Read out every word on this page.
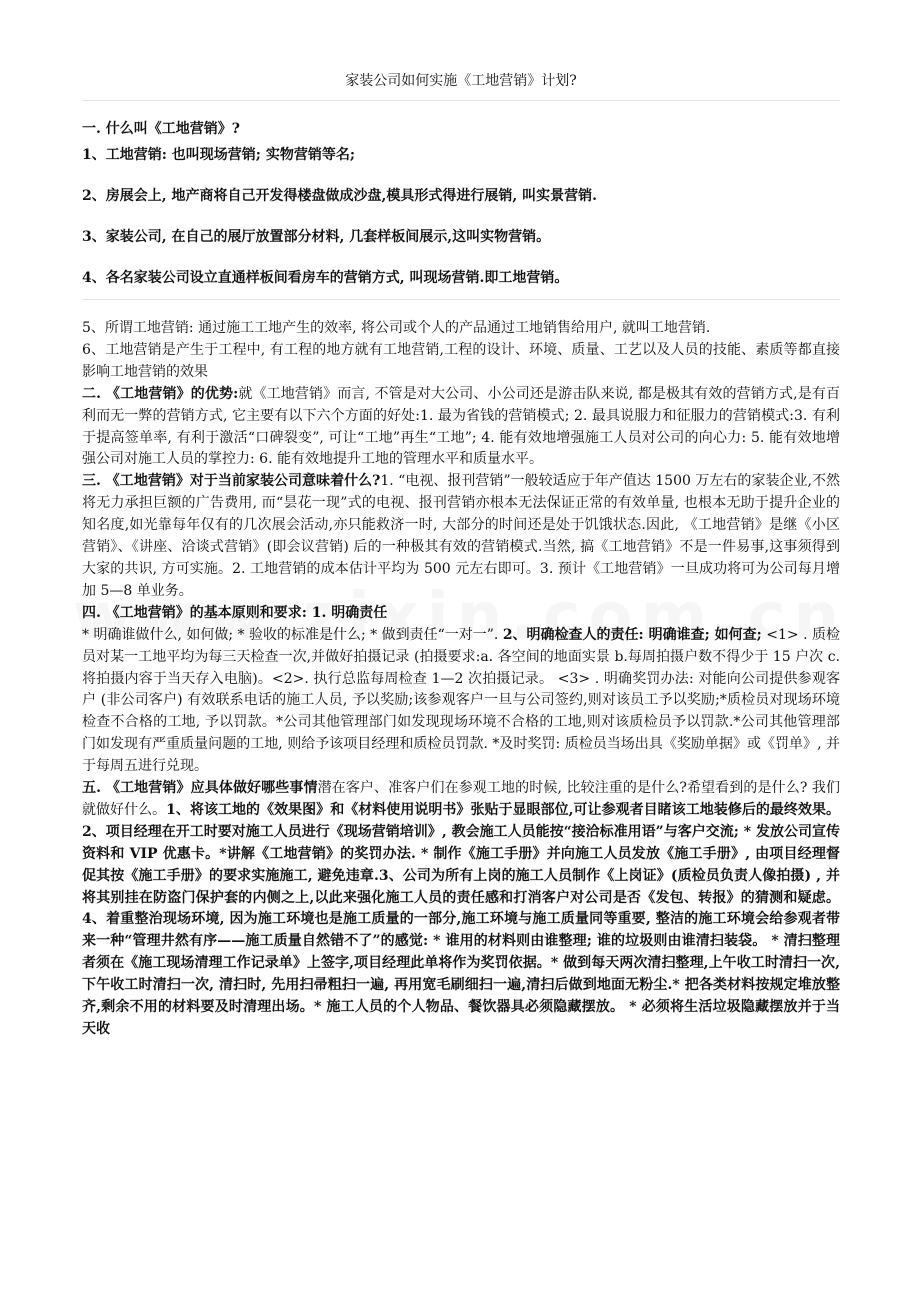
家装公司如何实施《工地营销》计划?

一. 什么叫《工地营销》?

1、工地营销: 也叫现场营销; 实物营销等名;

2、房展会上, 地产商将自己开发得楼盘做成沙盘,模具形式得进行展销, 叫实景营销.

3、家装公司, 在自己的展厅放置部分材料, 几套样板间展示,这叫实物营销。

4、各名家装公司设立直通样板间看房车的营销方式, 叫现场营销.即工地营销。

5、所谓工地营销: 通过施工工地产生的效率, 将公司或个人的产品通过工地销售给用户, 就叫工地营销.

6、工地营销是产生于工程中, 有工程的地方就有工地营销,工程的设计、环境、质量、工艺以及人员的技能、素质等都直接影响工地营销的效果

二. 《工地营销》的优势:就《工地营销》而言, 不管是对大公司、小公司还是游击队来说, 都是极其有效的营销方式,是有百利而无一弊的营销方式, 它主要有以下六个方面的好处:1. 最为省钱的营销模式; 2. 最具说服力和征服力的营销模式:3. 有利于提高签单率, 有利于激活“口碑裂变”, 可让“工地”再生“工地”; 4. 能有效地增强施工人员对公司的向心力: 5. 能有效地增强公司对施工人员的掌控力: 6. 能有效地提升工地的管理水平和质量水平。

三. 《工地营销》对于当前家装公司意味着什么?1. “电视、报刊营销”一般较适应于年产值达 1500 万左右的家装企业,不然将无力承担巨额的广告费用, 而“昙花一现”式的电视、报刊营销亦根本无法保证正常的有效单量, 也根本无助于提升企业的知名度,如光靠每年仅有的几次展会活动,亦只能救济一时, 大部分的时间还是处于饥饿状态.因此, 《工地营销》是继《小区营销》、《讲座、洽谈式营销》(即会议营销) 后的一种极其有效的营销模式.当然, 搞《工地营销》不是一件易事,这事须得到大家的共识, 方可实施。2. 工地营销的成本估计平均为 500 元左右即可。3. 预计《工地营销》一旦成功将可为公司每月增加 5—8 单业务。

四. 《工地营销》的基本原则和要求: 1. 明确责任

* 明确谁做什么, 如何做; * 验收的标准是什么; * 做到责任“一对一”. 2、明确检查人的责任: 明确谁查; 如何查; <1> . 质检员对某一工地平均为每三天检查一次,并做好拍摄记录 (拍摄要求:a. 各空间的地面实景 b.每周拍摄户数不得少于 15 户次 c.将拍摄内容于当天存入电脑)。<2>. 执行总监每周检查 1—2 次拍摄记录。 <3> . 明确奖罚办法: 对能向公司提供参观客户 (非公司客户) 有效联系电话的施工人员, 予以奖励;该参观客户一旦与公司签约,则对该员工予以奖励;*质检员对现场环境检查不合格的工地, 予以罚款。*公司其他管理部门如发现现场环境不合格的工地,则对该质检员予以罚款.*公司其他管理部门如发现有严重质量问题的工地, 则给予该项目经理和质检员罚款. *及时奖罚: 质检员当场出具《奖励单据》或《罚单》, 并于每周五进行兑现。

五. 《工地营销》应具体做好哪些事情潜在客户、准客户们在参观工地的时候, 比较注重的是什么?希望看到的是什么? 我们就做好什么。1、将该工地的《效果图》和《材料使用说明书》张贴于显眼部位,可让参观者目睹该工地装修后的最终效果。2、项目经理在开工时要对施工人员进行《现场营销培训》, 教会施工人员能按“接洽标准用语”与客户交流; * 发放公司宣传资料和 VIP 优惠卡。*讲解《工地营销》的奖罚办法. * 制作《施工手册》并向施工人员发放《施工手册》, 由项目经理督促其按《施工手册》的要求实施施工, 避免违章.3、公司为所有上岗的施工人员制作《上岗证》(质检员负责人像拍摄) , 并将其别挂在防盗门保护套的内侧之上,以此来强化施工人员的责任感和打消客户对公司是否《发包、转报》的猜测和疑虑。4、着重整治现场环境, 因为施工环境也是施工质量的一部分,施工环境与施工质量同等重要, 整洁的施工环境会给参观者带来一种“管理井然有序——施工质量自然错不了”的感觉: * 谁用的材料则由谁整理; 谁的垃圾则由谁清扫装袋。 * 清扫整理者须在《施工现场清理工作记录单》上签字,项目经理此单将作为奖罚依据。* 做到每天两次清扫整理,上午收工时清扫一次, 下午收工时清扫一次, 清扫时, 先用扫帚粗扫一遍, 再用宽毛刷细扫一遍,清扫后做到地面无粉尘.* 把各类材料按规定堆放整齐,剩余不用的材料要及时清理出场。* 施工人员的个人物品、餐饮器具必须隐藏摆放。 * 必须将生活垃圾隐藏摆放并于当天收
